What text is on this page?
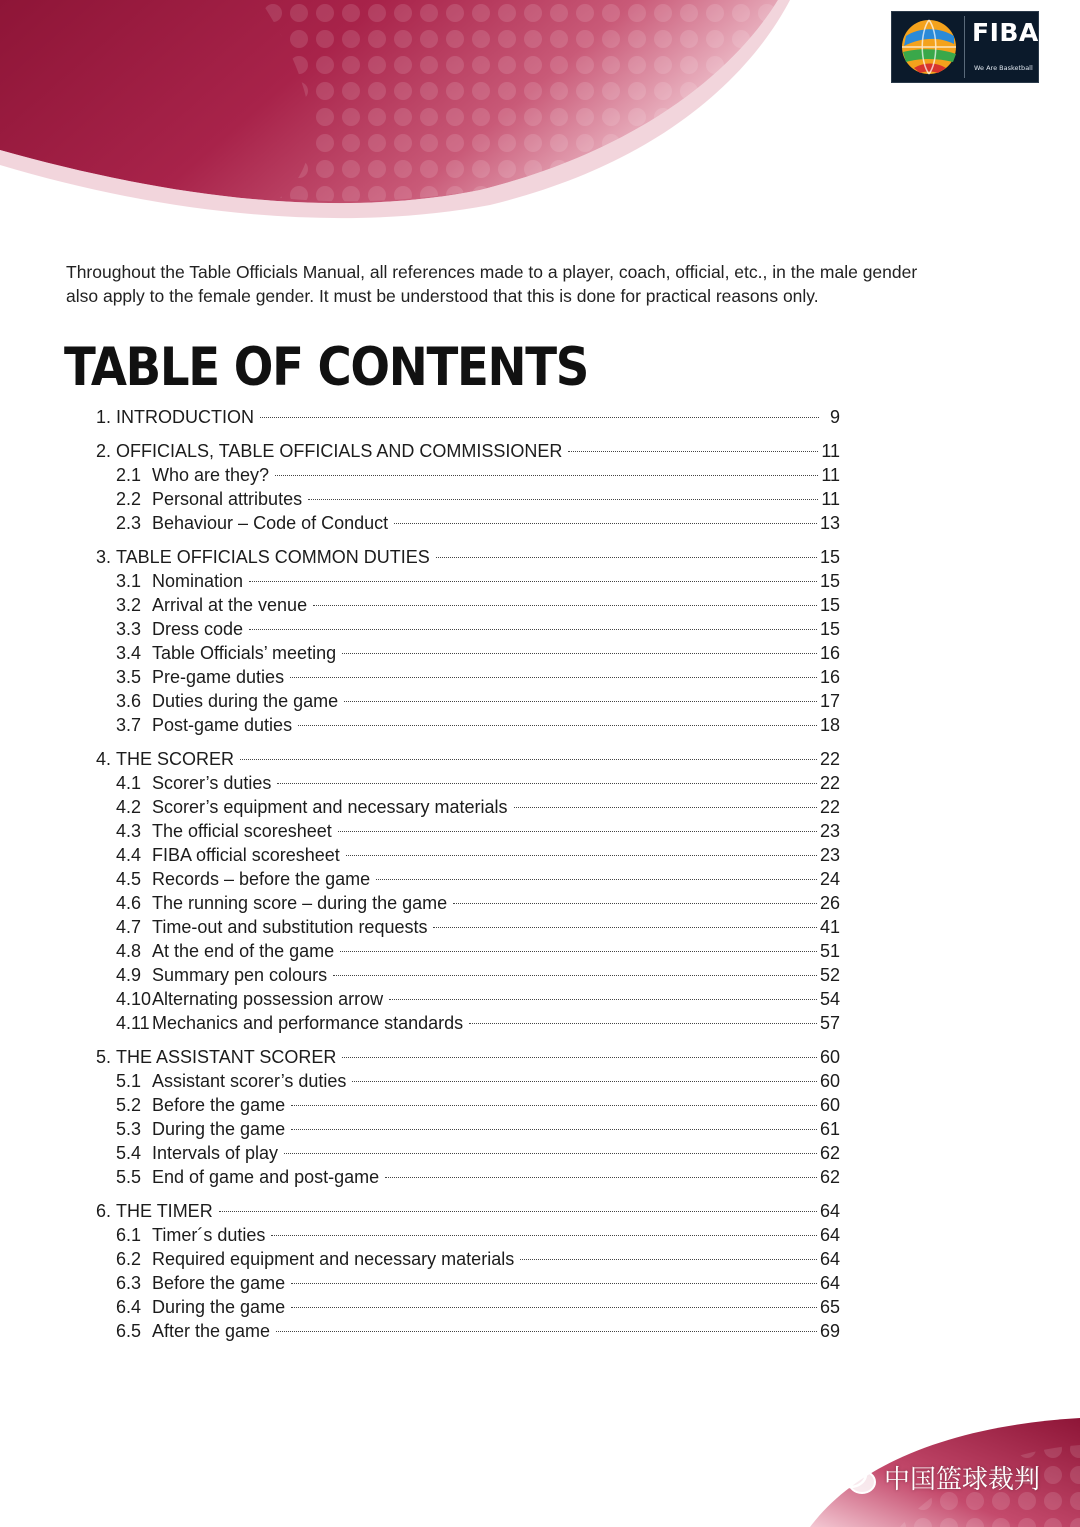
FIBA
We Are Basketball

Throughout the Table Officials Manual, all references made to a player, coach, official, etc., in the male gender also apply to the female gender. It must be understood that this is done for practical reasons only.

TABLE OF CONTENTS
1. INTRODUCTION	9
2. OFFICIALS, TABLE OFFICIALS AND COMMISSIONER	11
2.1 Who are they?	11
2.2 Personal attributes	11
2.3 Behaviour – Code of Conduct	13
3. TABLE OFFICIALS COMMON DUTIES	15
3.1 Nomination	15
3.2 Arrival at the venue	15
3.3 Dress code	15
3.4 Table Officials’ meeting	16
3.5 Pre-game duties	16
3.6 Duties during the game	17
3.7 Post-game duties	18
4. THE SCORER	22
4.1 Scorer’s duties	22
4.2 Scorer’s equipment and necessary materials	22
4.3 The official scoresheet	23
4.4 FIBA official scoresheet	23
4.5 Records – before the game	24
4.6 The running score – during the game	26
4.7 Time-out and substitution requests	41
4.8 At the end of the game	51
4.9 Summary pen colours	52
4.10 Alternating possession arrow	54
4.11 Mechanics and performance standards	57
5. THE ASSISTANT SCORER	60
5.1 Assistant scorer’s duties	60
5.2 Before the game	60
5.3 During the game	61
5.4 Intervals of play	62
5.5 End of game and post-game	62
6. THE TIMER	64
6.1 Timer´s duties	64
6.2 Required equipment and necessary materials	64
6.3 Before the game	64
6.4 During the game	65
6.5 After the game	69
中国篮球裁判
